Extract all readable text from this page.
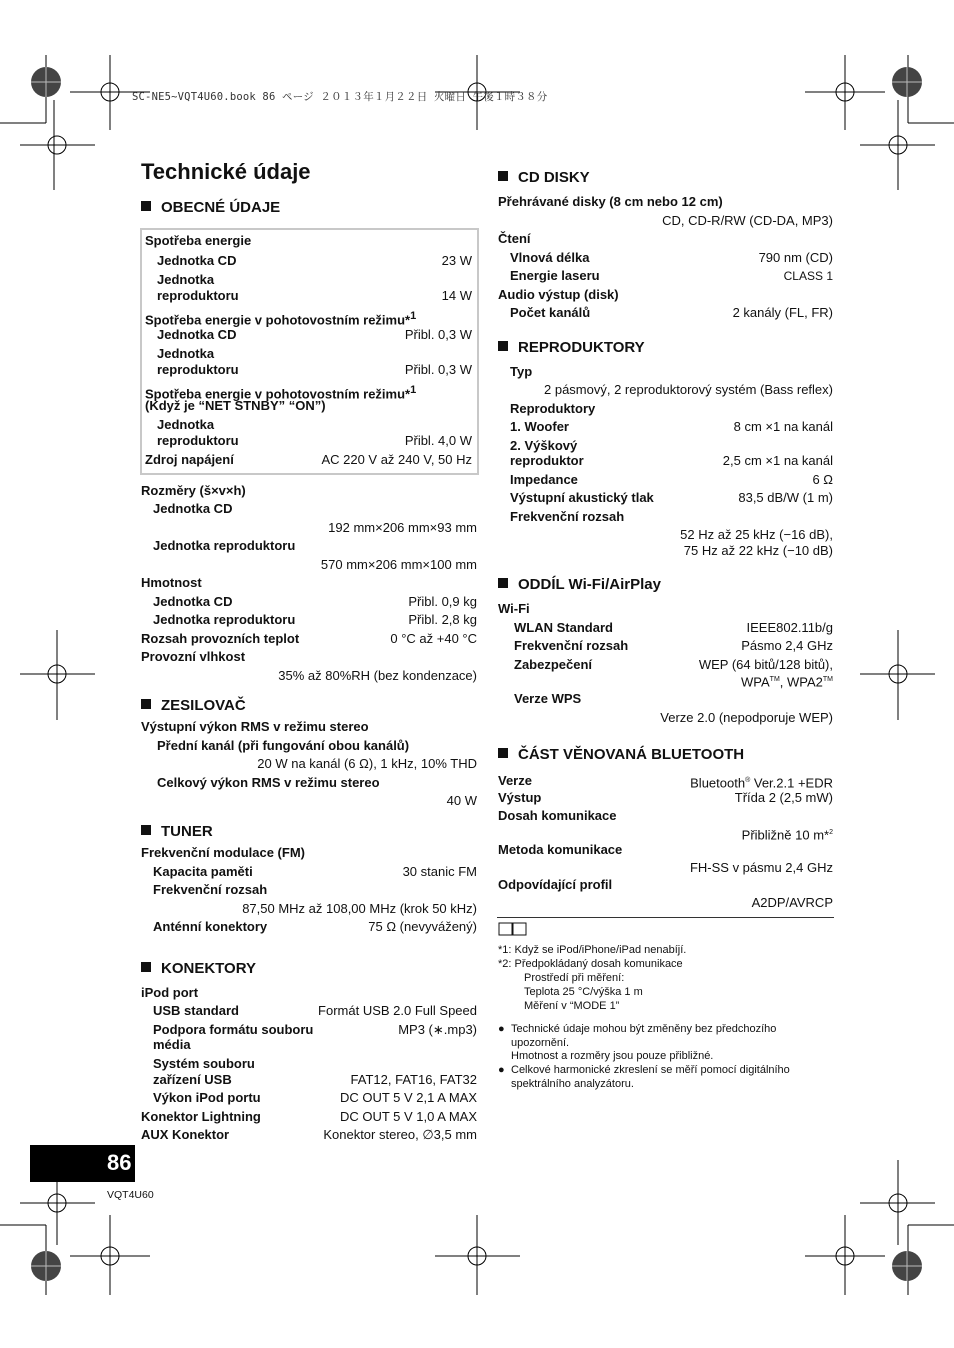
SC-NE5~VQT4U60.book 86 ページ ２０１３年１月２２日 火曜日 午後１時３８分
Technické údaje
OBECNÉ ÚDAJE
Spotřeba energie
Jednotka CD	23 W
Jednotka
reproduktoru	14 W
Spotřeba energie v pohotovostním režimu*$^1$
Jednotka CD	Přibl. 0,3 W
Jednotka
reproduktoru	Přibl. 0,3 W
Spotřeba energie v pohotovostním režimu*$^1$
(Když je “NET STNBY” “ON”)
Jednotka
reproduktoru	Přibl. 4,0 W
Zdroj napájení	AC 220 V až 240 V, 50 Hz
Rozměry (š×v×h)
Jednotka CD
192 mm×206 mm×93 mm
Jednotka reproduktoru
570 mm×206 mm×100 mm
Hmotnost
Jednotka CD	Přibl. 0,9 kg
Jednotka reproduktoru	Přibl. 2,8 kg
Rozsah provozních teplot	0 °C až +40 °C
Provozní vlhkost
35% až 80%RH (bez kondenzace)
ZESILOVAČ
Výstupní výkon RMS v režimu stereo
Přední kanál (při fungování obou kanálů)
20 W na kanál (6 Ω), 1 kHz, 10% THD
Celkový výkon RMS v režimu stereo
40 W
TUNER
Frekvenční modulace (FM)
Kapacita paměti	30 stanic FM
Frekvenční rozsah
87,50 MHz až 108,00 MHz (krok 50 kHz)
Anténní konektory	75 Ω (nevyvážený)
KONEKTORY
iPod port
USB standard	Formát USB 2.0 Full Speed
Podpora formátu souboru
média
MP3 (∗.mp3)
Systém souboru
zařízení USB	FAT12, FAT16, FAT32
Výkon iPod portu	DC OUT 5 V 2,1 A MAX
Konektor Lightning	DC OUT 5 V 1,0 A MAX
AUX Konektor	Konektor stereo, ∅3,5 mm
86
VQT4U60
CD DISKY
Přehrávané disky (8 cm nebo 12 cm)
CD, CD-R/RW (CD-DA, MP3)
Čtení
Vlnová délka	790 nm (CD)
Energie laseru	CLASS 1
Audio výstup (disk)
Počet kanálů	2 kanály (FL, FR)
REPRODUKTORY
Typ
2 pásmový, 2 reproduktorový systém (Bass reflex)
Reproduktory
1. Woofer	8 cm ×1 na kanál
2. Výškový
reproduktor	2,5 cm ×1 na kanál
Impedance	6 Ω
Výstupní akustický tlak	83,5 dB/W (1 m)
Frekvenční rozsah
52 Hz až 25 kHz (−16 dB),
75 Hz až 22 kHz (−10 dB)
ODDÍL Wi-Fi/AirPlay
Wi-Fi
WLAN Standard	IEEE802.11b/g
Frekvenční rozsah	Pásmo 2,4 GHz
Zabezpečení	WEP (64 bitů/128 bitů),
WPA™, WPA2™
Verze WPS
Verze 2.0 (nepodporuje WEP)
ČÁST VĚNOVANÁ BLUETOOTH
Verze	Bluetooth® Ver.2.1 +EDR
Výstup	Třída 2 (2,5 mW)
Dosah komunikace
Přibližně 10 m*$^2$
Metoda komunikace
FH-SS v pásmu 2,4 GHz
Odpovídající profil
A2DP/AVRCP
*1: Když se iPod/iPhone/iPad nenabíjí.
*2: Předpokládaný dosah komunikace
Prostředí při měření:
Teplota 25 °C/výška 1 m
Měření v “MODE 1”
● Technické údaje mohou být změněny bez předchozího
upozornění.
Hmotnost a rozměry jsou pouze přibližné.
● Celkové harmonické zkreslení se měří pomocí digitálního
spektrálního analyzátoru.
